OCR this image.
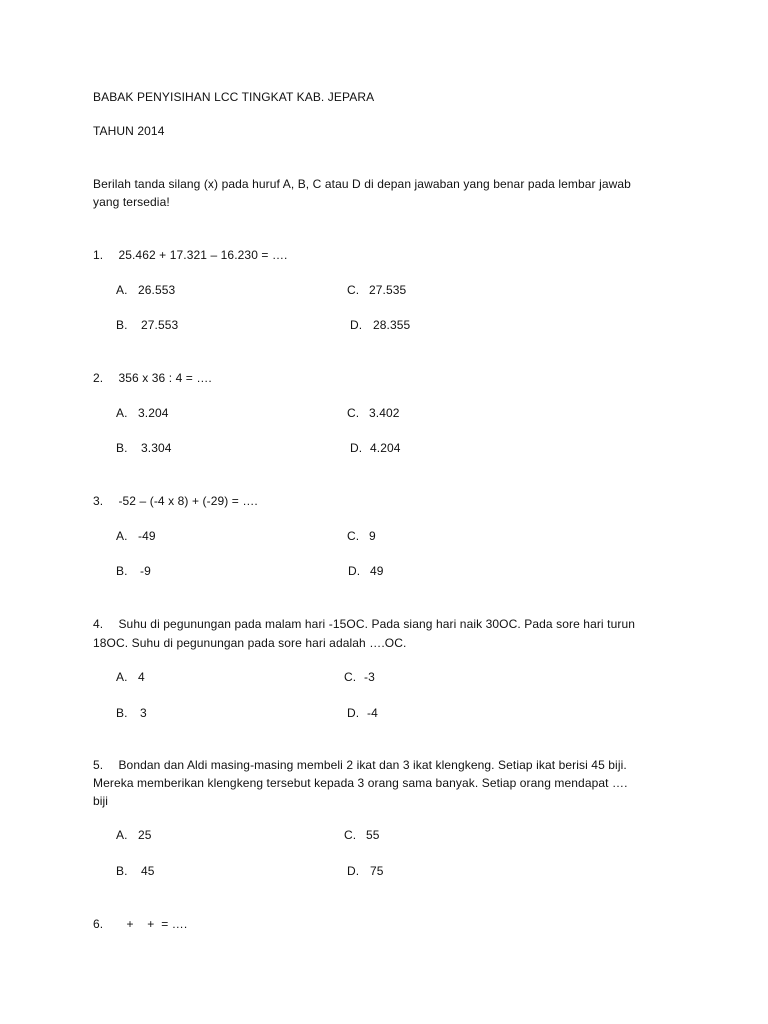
BABAK PENYISIHAN LCC TINGKAT KAB. JEPARA
TAHUN 2014
Berilah tanda silang (x) pada huruf A, B, C atau D di depan jawaban yang benar pada lembar jawab
yang tersedia!
1. 25.462 + 17.321 – 16.230 = ….
A. 26.553	C. 27.535
B. 27.553	D. 28.355
2. 356 x 36 : 4 = ….
A. 3.204	C. 3.402
B. 3.304	D. 4.204
3. -52 – (-4 x 8) + (-29) = ….
A. -49	C. 9
B. -9	D. 49
4. Suhu di pegunungan pada malam hari -15OC. Pada siang hari naik 30OC. Pada sore hari turun
18OC. Suhu di pegunungan pada sore hari adalah ….OC.
A. 4	C. -3
B. 3	D. -4
5. Bondan dan Aldi masing-masing membeli 2 ikat dan 3 ikat klengkeng. Setiap ikat berisi 45 biji.
Mereka memberikan klengkeng tersebut kepada 3 orang sama banyak. Setiap orang mendapat ….
biji
A. 25	C. 55
B. 45	D. 75
6. +    +  = ….
